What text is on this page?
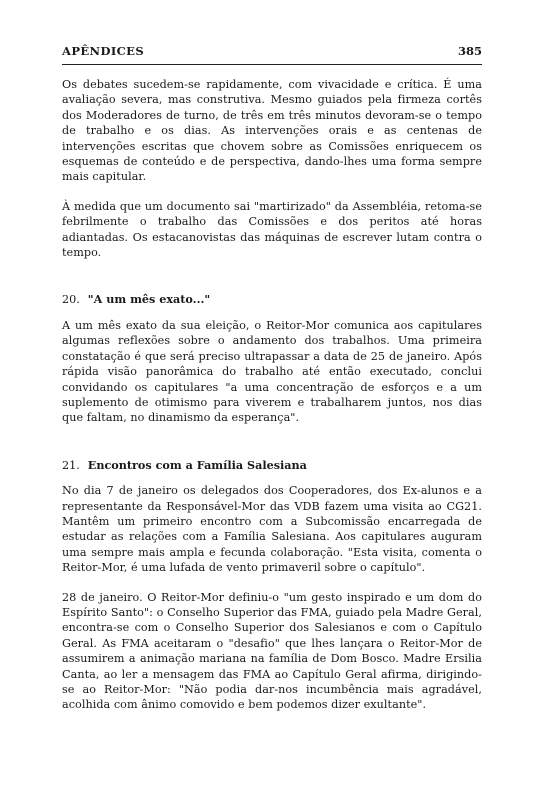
APÊNDICES	385

Os debates sucedem-se rapidamente, com vivacidade e crítica. É uma avaliação severa, mas construtiva. Mesmo guiados pela firmeza cortês dos Moderadores de turno, de três em três minutos devoram-se o tempo de trabalho e os dias. As intervenções orais e as centenas de intervenções escritas que chovem sobre as Comissões enriquecem os esquemas de conteúdo e de perspectiva, dando-lhes uma forma sempre mais capitular.

À medida que um documento sai "martirizado" da Assembléia, retoma-se febrilmente o trabalho das Comissões e dos peritos até horas adiantadas. Os estacanovistas das máquinas de escrever lutam contra o tempo.

20. "A um mês exato..."

A um mês exato da sua eleição, o Reitor-Mor comunica aos capitulares algumas reflexões sobre o andamento dos trabalhos. Uma primeira constatação é que será preciso ultrapassar a data de 25 de janeiro. Após rápida visão panorâmica do trabalho até então executado, conclui convidando os capitulares "a uma concentração de esforços e a um suplemento de otimismo para viverem e trabalharem juntos, nos dias que faltam, no dinamismo da esperança".

21. Encontros com a Família Salesiana

No dia 7 de janeiro os delegados dos Cooperadores, dos Ex-alunos e a representante da Responsável-Mor das VDB fazem uma visita ao CG21. Mantêm um primeiro encontro com a Subcomissão encarregada de estudar as relações com a Família Salesiana. Aos capitulares auguram uma sempre mais ampla e fecunda colaboração. "Esta visita, comenta o Reitor-Mor, é uma lufada de vento primaveril sobre o capítulo".

28 de janeiro. O Reitor-Mor definiu-o "um gesto inspirado e um dom do Espírito Santo": o Conselho Superior das FMA, guiado pela Madre Geral, encontra-se com o Conselho Superior dos Salesianos e com o Capítulo Geral. As FMA aceitaram o "desafio" que lhes lançara o Reitor-Mor de assumirem a animação mariana na família de Dom Bosco. Madre Ersilia Canta, ao ler a mensagem das FMA ao Capítulo Geral afirma, dirigindo-se ao Reitor-Mor: "Não podia dar-nos incumbência mais agradável, acolhida com ânimo comovido e bem podemos dizer exultante".
